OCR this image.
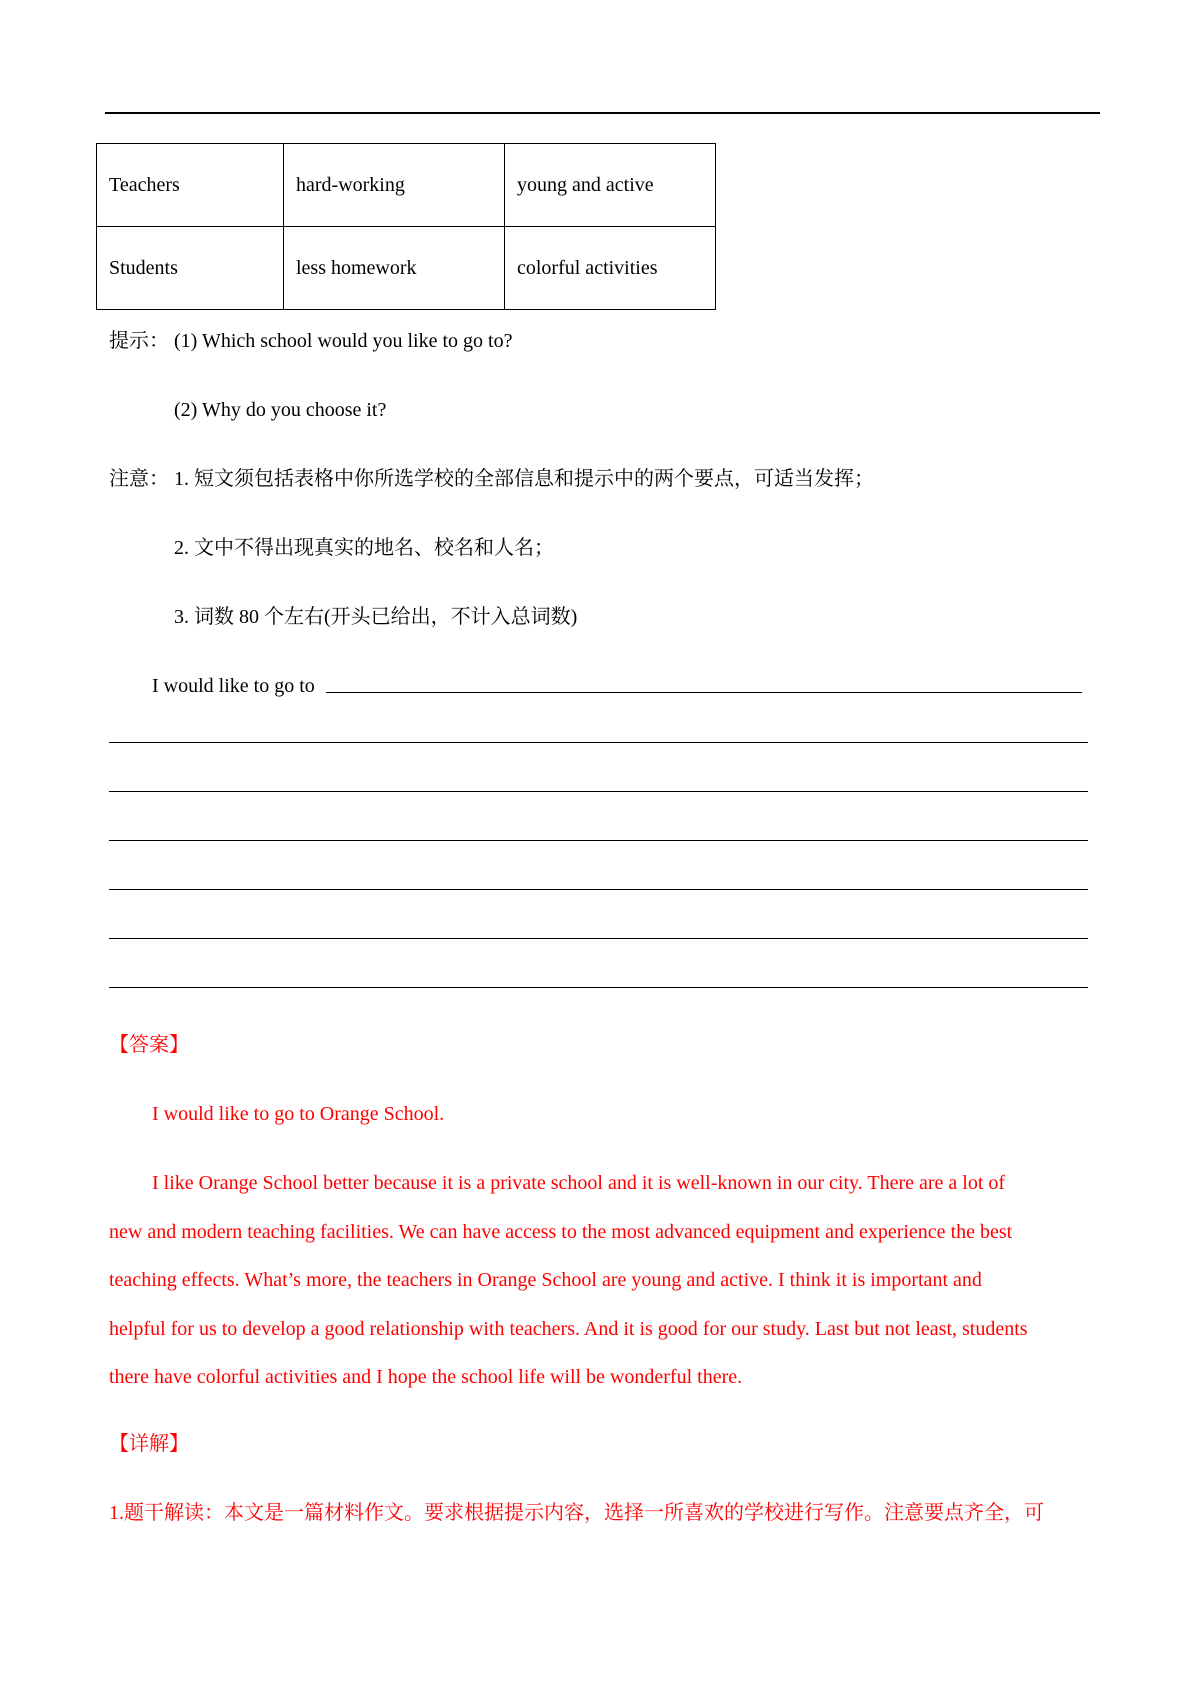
Teachers	hard-working	young and active
Students	less homework	colorful activities
提示： (1) Which school would you like to go to?
(2) Why do you choose it?
注意： 1. 短文须包括表格中你所选学校的全部信息和提示中的两个要点，可适当发挥；
2. 文中不得出现真实的地名、校名和人名；
3. 词数 80 个左右(开头已给出，不计入总词数)
I would like to go to
【答案】
I would like to go to Orange School.
I like Orange School better because it is a private school and it is well-known in our city. There are a lot of
new and modern teaching facilities. We can have access to the most advanced equipment and experience the best
teaching effects. What’s more, the teachers in Orange School are young and active. I think it is important and
helpful for us to develop a good relationship with teachers. And it is good for our study. Last but not least, students
there have colorful activities and I hope the school life will be wonderful there.
【详解】
1.题干解读：本文是一篇材料作文。要求根据提示内容，选择一所喜欢的学校进行写作。注意要点齐全，可
